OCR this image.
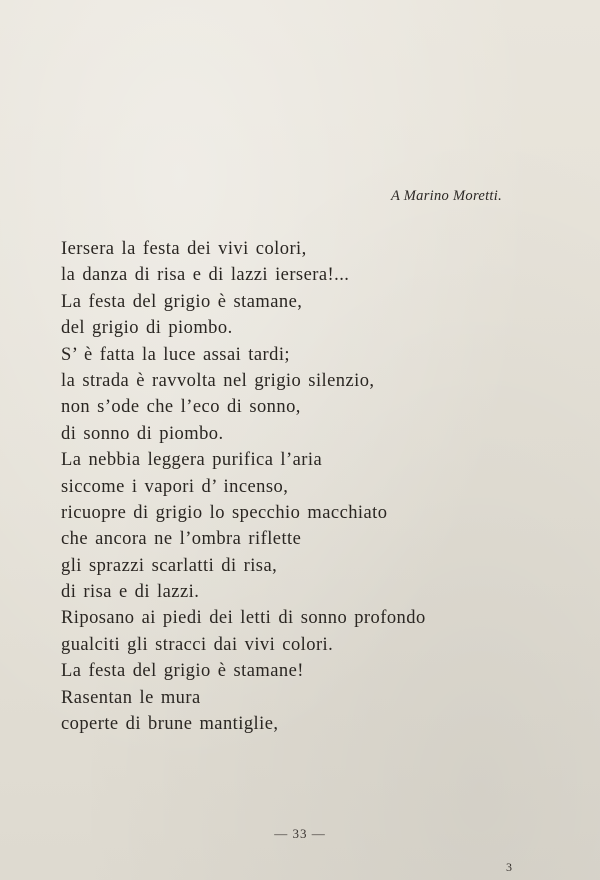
A Marino Moretti.
Iersera la festa dei vivi colori,
la danza di risa e di lazzi iersera!...
La festa del grigio è stamane,
del grigio di piombo.
S’ è fatta la luce assai tardi;
la strada è ravvolta nel grigio silenzio,
non s’ode che l’eco di sonno,
di sonno di piombo.
La nebbia leggera purifica l’aria
siccome i vapori d’ incenso,
ricuopre di grigio lo specchio macchiato
che ancora ne l’ombra riflette
gli sprazzi scarlatti di risa,
di risa e di lazzi.
Riposano ai piedi dei letti di sonno profondo
gualciti gli stracci dai vivi colori.
La festa del grigio è stamane!
Rasentan le mura
coperte di brune mantiglie,
— 33 —
3
